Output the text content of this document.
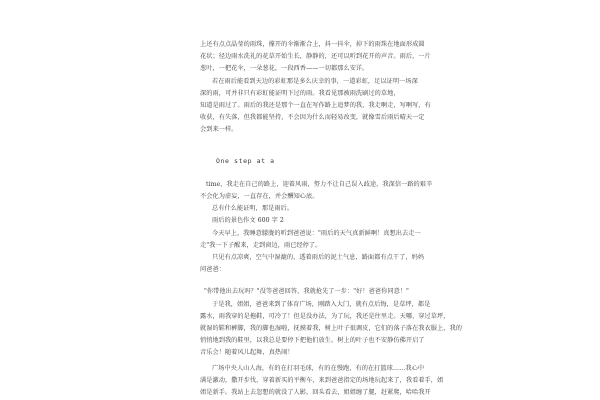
上还有点点晶莹的雨珠，撑开的伞渐渐合上，抖一抖伞，掉下的雨珠在地面形成圆
花状；径边雨水洗礼的花草开始生长，静静的，还可以听到花开的声音。雨后，一片
葱叶，一把花伞，一朵葱花，一段西香——一切都那么安详。
若在雨后能看到天边的彩虹那是多么庆幸的事，一道彩虹，足以证明一场深
深的雨，可并非只有彩虹能证明下过的雨。我看见那被雨洗刷过的草地，
知道是雨过了。雨后的我还是那个一直在写作路上追梦的我，我走啊走，写啊写，有
收获，有失落，但我都能坚持，不会因为什么而轻易改变，就像雪后雨后晴天一定
会到来一样。
One step at a
time，我走在自己的路上，迎着风雨，努力不让自己误入歧途，我深信一路的艰辛
不会化为虚妄，一直存在，并会酬知心底。
总有什么能证明，那是雨后。
雨后的景色作文 600 字 2
今天早上，我睡意朦胧的听到爸爸说："雨后的天气真新鲜啊！真想出去走一
走"我一下子醒来，走到窗边，雨已经停了。
只见有点凉爽，空气中湿漉的，透着雨后的泥土气息，路面都有点干了，妈妈
问爸爸：
"你带他出去玩吗？"没等爸爸回答，我就抢先了一步："好！爸爸你同意！"
于是我，姐姐，爸爸来到了体育广场，刚踏入大门，就有点后悔，是草坪，都是
露水，雨我穿的是拖鞋，可冷了！但是没办法，为了玩，我还是往里走。天哪，穿过草坪，
就湿的鞋和裤脚，我的脚也湿啦，抚摸着我，树上叶子很调皮，它们的落子落在我衣服上，我的
悄悄地到我的鞋里，以我总是要停下把他们放生。树上的叶子也不安静仿佛开启了
音乐会！随着风儿起舞，真热闹！
广场中央人山人海，有的在打羽毛球，有的在慢跑，有的在打篮球……我心中
满是激动，撒开步伐，穿着新买的平衡车，来到爸爸指定的场地玩起来了，我看着手，姐
姐是新手。我站上去忽想的就没了人影，回头看去，姐姐缠了腿，赶紧爬，哈哈我开
